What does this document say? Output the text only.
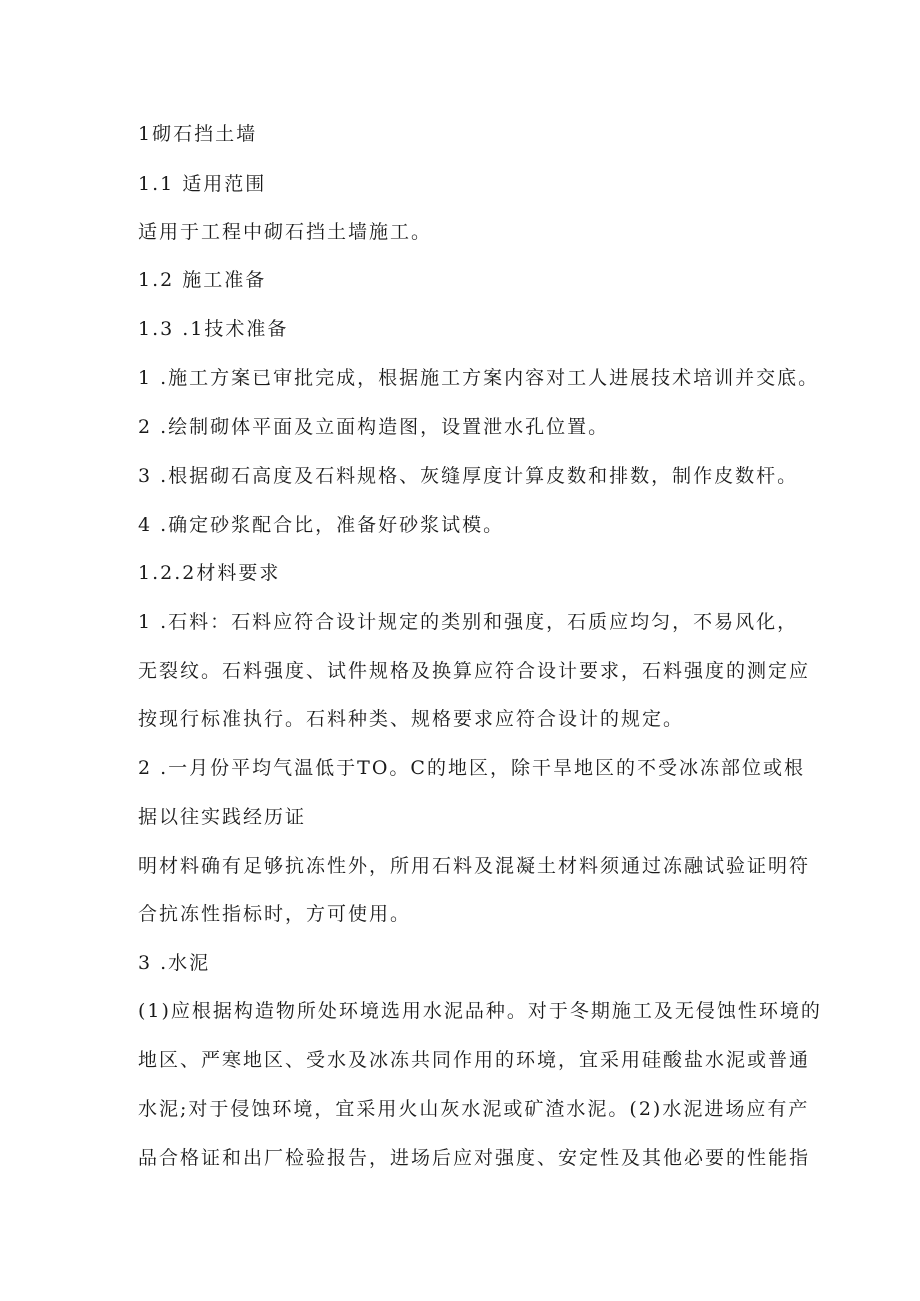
1砌石挡土墙
1.1 适用范围
适用于工程中砌石挡土墙施工。
1.2 施工准备
1.3 .1技术准备
1 .施工方案已审批完成，根据施工方案内容对工人进展技术培训并交底。
2 .绘制砌体平面及立面构造图，设置泄水孔位置。
3 .根据砌石高度及石料规格、灰缝厚度计算皮数和排数，制作皮数杆。
4 .确定砂浆配合比，准备好砂浆试模。
1.2.2材料要求
1 .石料：石料应符合设计规定的类别和强度，石质应均匀，不易风化，
无裂纹。石料强度、试件规格及换算应符合设计要求，石料强度的测定应
按现行标准执行。石料种类、规格要求应符合设计的规定。
2 .一月份平均气温低于TO。C的地区，除干旱地区的不受冰冻部位或根
据以往实践经历证
明材料确有足够抗冻性外，所用石料及混凝土材料须通过冻融试验证明符
合抗冻性指标时，方可使用。
3 .水泥
(1)应根据构造物所处环境选用水泥品种。对于冬期施工及无侵蚀性环境的
地区、严寒地区、受水及冰冻共同作用的环境，宜采用硅酸盐水泥或普通
水泥;对于侵蚀环境，宜采用火山灰水泥或矿渣水泥。(2)水泥进场应有产
品合格证和出厂检验报告，进场后应对强度、安定性及其他必要的性能指
